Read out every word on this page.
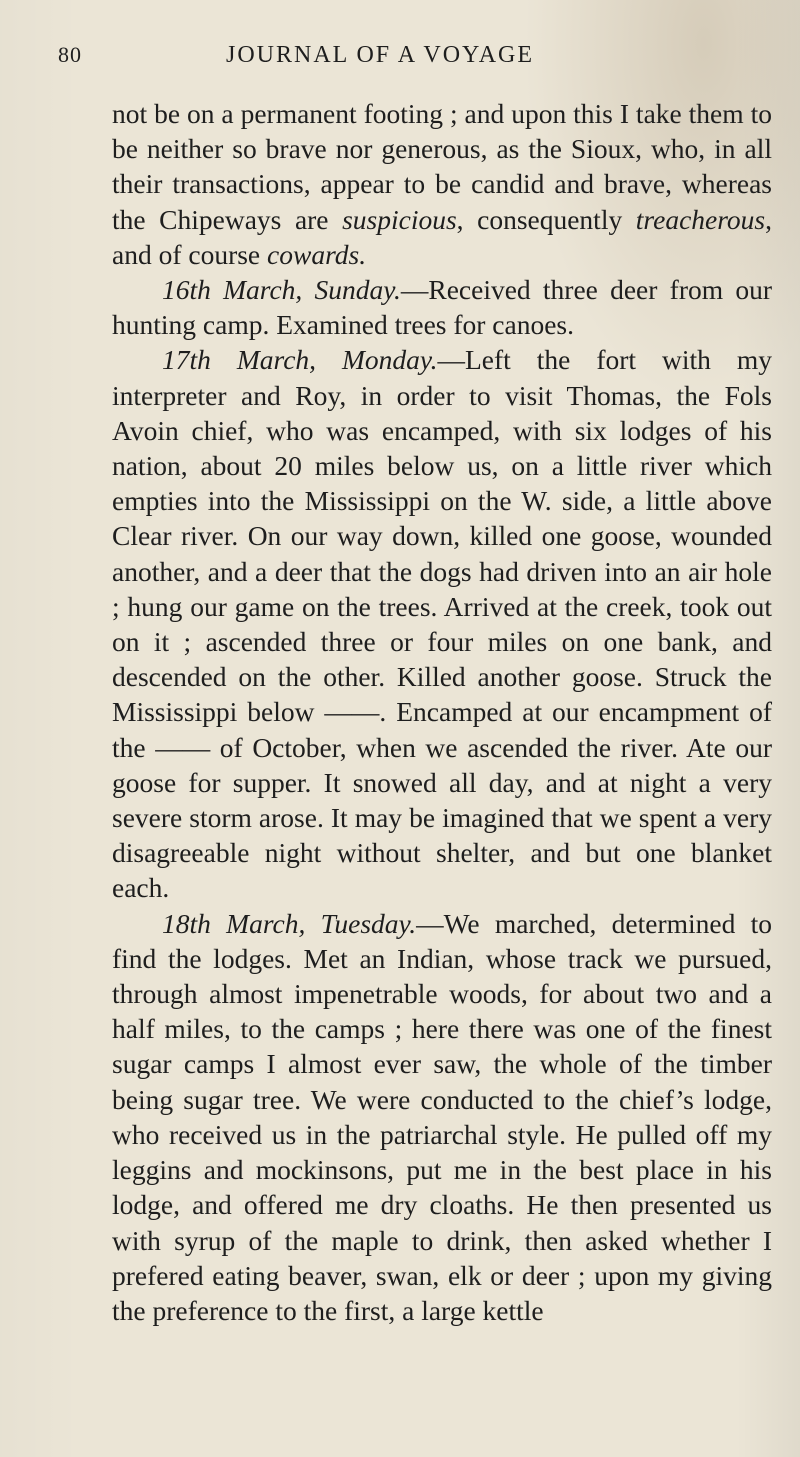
80	JOURNAL OF A VOYAGE

not be on a permanent footing ; and upon this I take them to be neither so brave nor generous, as the Sioux, who, in all their transactions, appear to be candid and brave, whereas the Chipeways are suspicious, consequently treacherous, and of course cowards.

16th March, Sunday.—Received three deer from our hunting camp. Examined trees for canoes.

17th March, Monday.—Left the fort with my interpreter and Roy, in order to visit Thomas, the Fols Avoin chief, who was encamped, with six lodges of his nation, about 20 miles below us, on a little river which empties into the Mississippi on the W. side, a little above Clear river. On our way down, killed one goose, wounded another, and a deer that the dogs had driven into an air hole ; hung our game on the trees. Arrived at the creek, took out on it ; ascended three or four miles on one bank, and descended on the other. Killed another goose. Struck the Mississippi below ——. Encamped at our encampment of the —— of October, when we ascended the river. Ate our goose for supper. It snowed all day, and at night a very severe storm arose. It may be imagined that we spent a very disagreeable night without shelter, and but one blanket each.

18th March, Tuesday.—We marched, determined to find the lodges. Met an Indian, whose track we pursued, through almost impenetrable woods, for about two and a half miles, to the camps ; here there was one of the finest sugar camps I almost ever saw, the whole of the timber being sugar tree. We were conducted to the chief’s lodge, who received us in the patriarchal style. He pulled off my leggins and mockinsons, put me in the best place in his lodge, and offered me dry cloaths. He then presented us with syrup of the maple to drink, then asked whether I prefered eating beaver, swan, elk or deer ; upon my giving the preference to the first, a large kettle
